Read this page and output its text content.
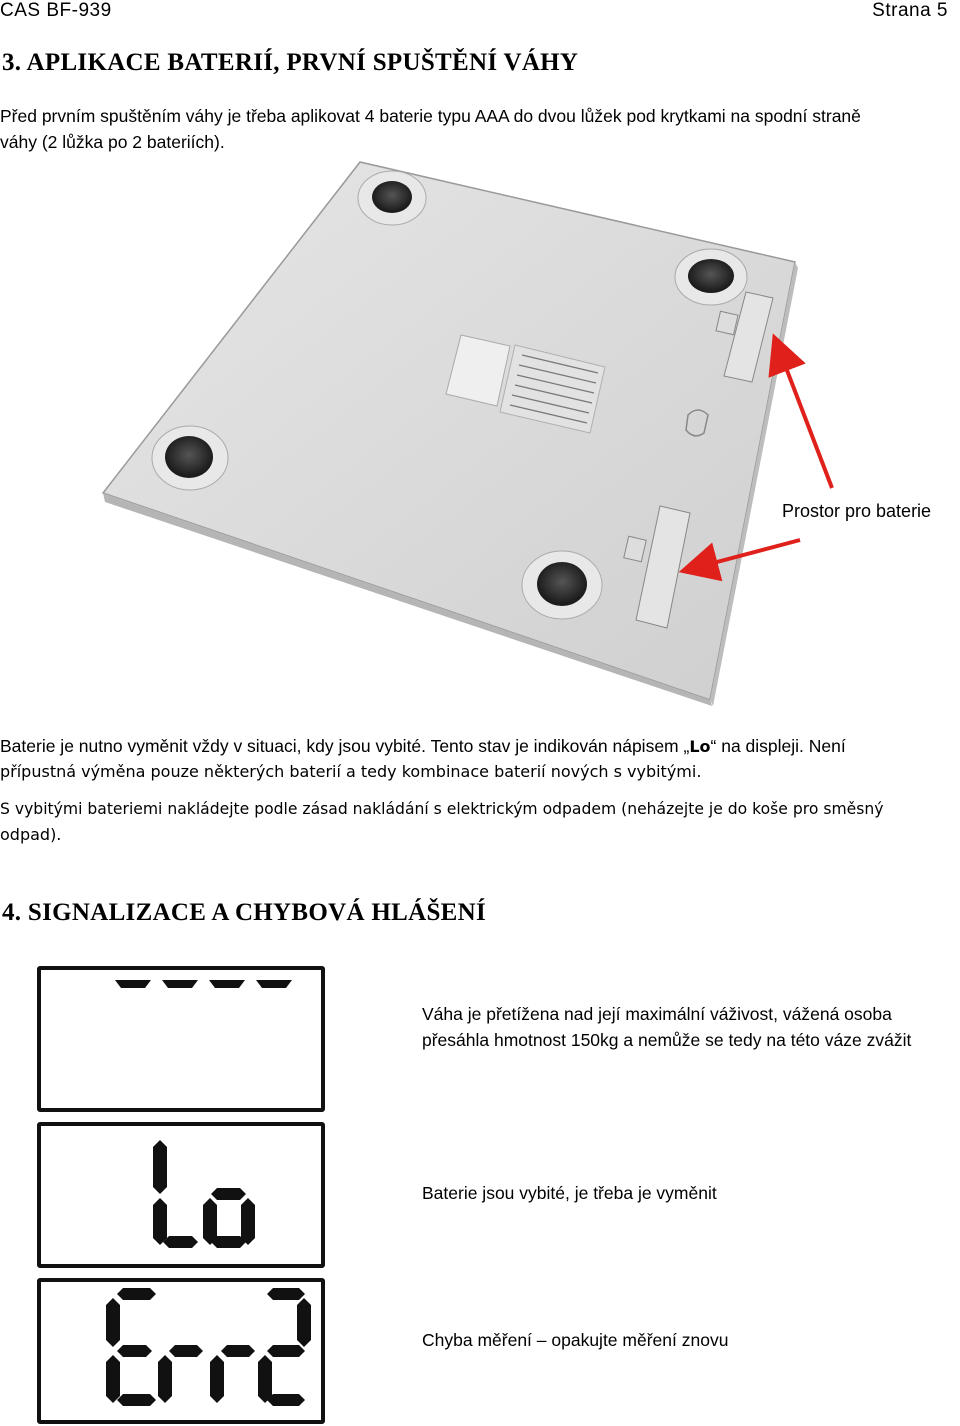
CAS BF-939	Strana 5
3. APLIKACE BATERIÍ, PRVNÍ SPUŠTĚNÍ VÁHY
Před prvním spuštěním váhy je třeba aplikovat 4 baterie typu AAA do dvou lůžek pod krytkami na spodní straně
váhy (2 lůžka po 2 bateriích).
Prostor pro baterie
Baterie je nutno vyměnit vždy v situaci, kdy jsou vybité. Tento stav je indikován nápisem „Lo“ na displeji. Není
přípustná výměna pouze některých baterií a tedy kombinace baterií nových s vybitými.
S vybitými bateriemi nakládejte podle zásad nakládání s elektrickým odpadem (neházejte je do koše pro směsný
odpad).
4. SIGNALIZACE A CHYBOVÁ HLÁŠENÍ
Váha je přetížena nad její maximální váživost, vážená osoba
přesáhla hmotnost 150kg a nemůže se tedy na této váze zvážit
Baterie jsou vybité, je třeba je vyměnit
Chyba měření – opakujte měření znovu
